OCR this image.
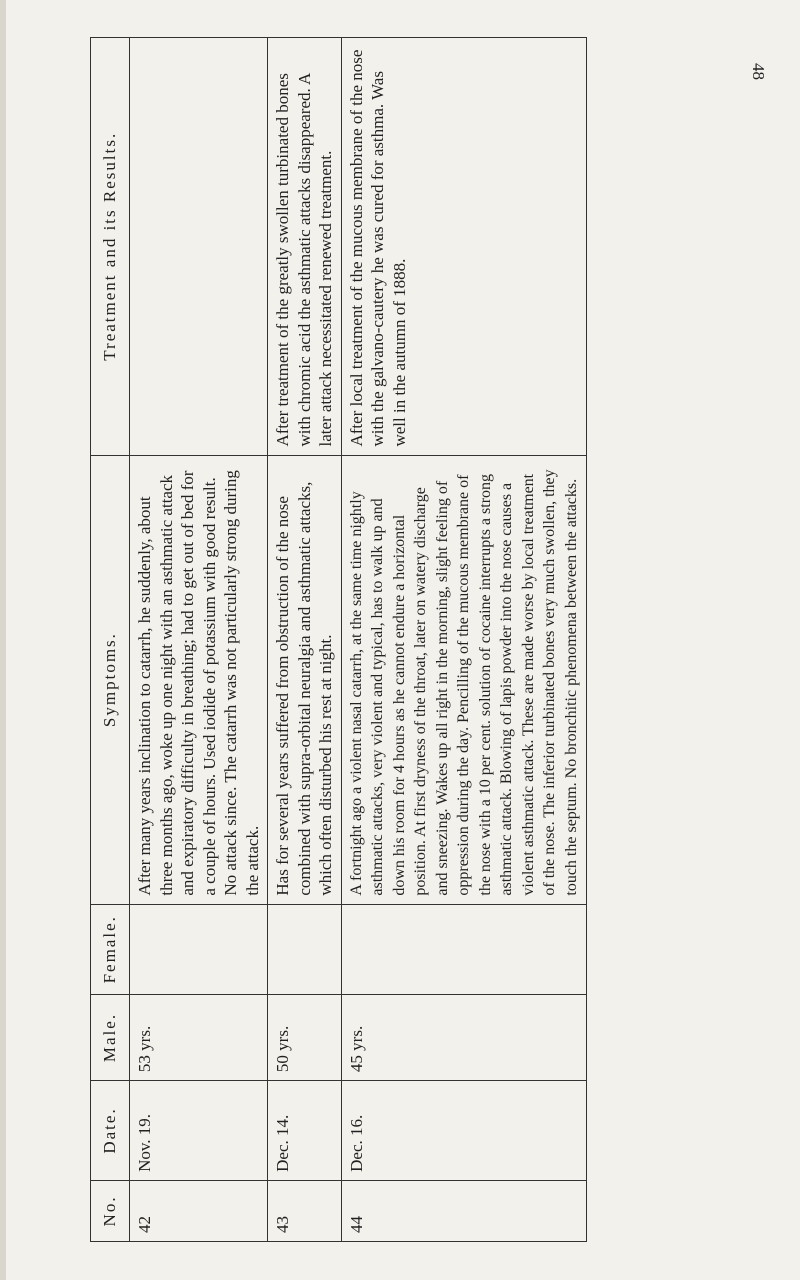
No.	Date.	Male.	Female.	Symptoms.	Treatment and its Results.
42	Nov. 19.	53 yrs.		After many years inclination to catarrh, he suddenly, about three months ago, woke up one night with an asthmatic attack and expiratory difficulty in breathing; had to get out of bed for a couple of hours. Used iodide of potassium with good result. No attack since. The catarrh was not particularly strong during the attack.	
43	Dec. 14.	50 yrs.		Has for several years suffered from obstruction of the nose combined with supra-orbital neuralgia and asthmatic attacks, which often disturbed his rest at night.	After treatment of the greatly swollen turbinated bones with chromic acid the asthmatic attacks disappeared. A later attack necessitated renewed treatment.
44	Dec. 16.	45 yrs.		A fortnight ago a violent nasal catarrh, at the same time nightly asthmatic attacks, very violent and typical, has to walk up and down his room for 4 hours as he cannot endure a horizontal position. At first dryness of the throat, later on watery discharge and sneezing. Wakes up all right in the morning, slight feeling of oppression during the day. Pencilling of the mucous membrane of the nose with a 10 per cent. solution of cocaine interrupts a strong asthmatic attack. Blowing of lapis powder into the nose causes a violent asthmatic attack. These are made worse by local treatment of the nose. The inferior turbinated bones very much swollen, they touch the septum. No bronchitic phenomena between the attacks.	After local treatment of the mucous membrane of the nose with the galvano-cautery he was cured for asthma. Was well in the autumn of 1888.
48
